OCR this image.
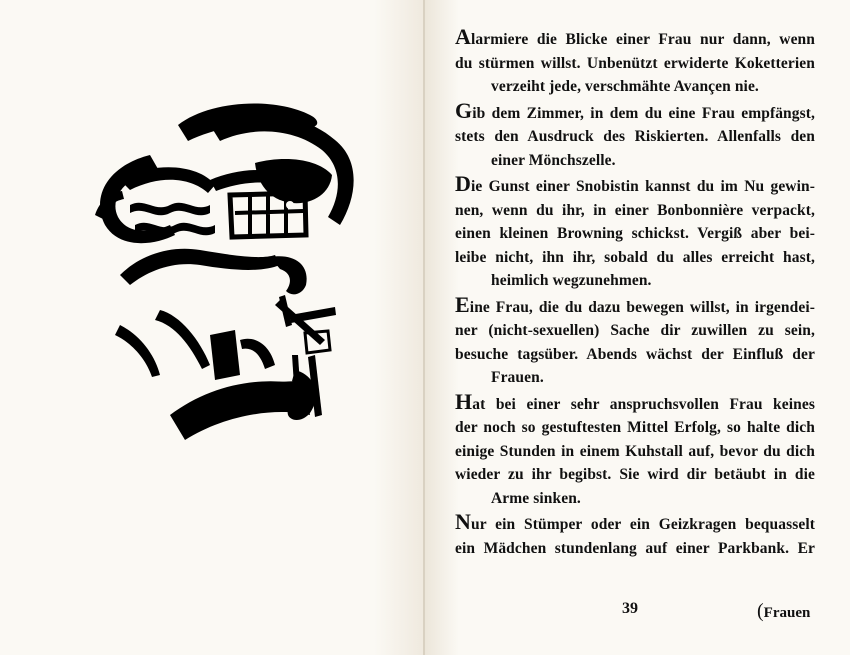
Alarmiere die Blicke einer Frau nur dann, wenn
du stürmen willst. Unbenützt erwiderte Koketterien
verzeiht jede, verschmähte Avançen nie.
Gib dem Zimmer, in dem du eine Frau empfängst,
stets den Ausdruck des Riskierten. Allenfalls den
einer Mönchszelle.
Die Gunst einer Snobistin kannst du im Nu gewin-
nen, wenn du ihr, in einer Bonbonnière verpackt,
einen kleinen Browning schickst. Vergiß aber bei-
leibe nicht, ihn ihr, sobald du alles erreicht hast,
heimlich wegzunehmen.
Eine Frau, die du dazu bewegen willst, in irgendei-
ner (nicht-sexuellen) Sache dir zuwillen zu sein,
besuche tagsüber. Abends wächst der Einfluß der
Frauen.
Hat bei einer sehr anspruchsvollen Frau keines
der noch so gestuftesten Mittel Erfolg, so halte dich
einige Stunden in einem Kuhstall auf, bevor du dich
wieder zu ihr begibst. Sie wird dir betäubt in die
Arme sinken.
Nur ein Stümper oder ein Geizkragen bequasselt
ein Mädchen stundenlang auf einer Parkbank. Er
39	(Frauen
